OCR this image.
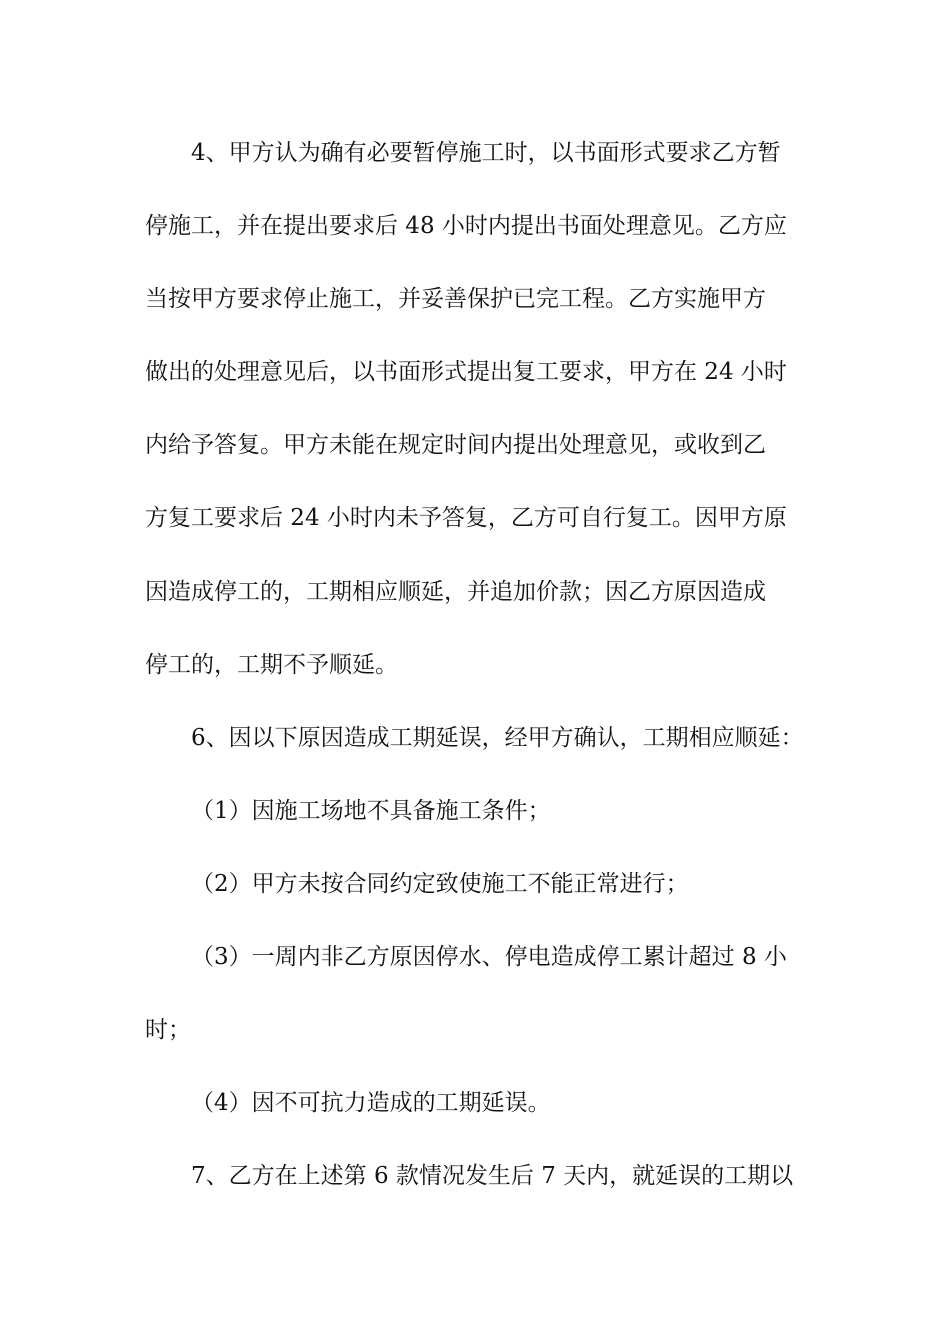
4、甲方认为确有必要暂停施工时，以书面形式要求乙方暂
停施工，并在提出要求后 48 小时内提出书面处理意见。乙方应
当按甲方要求停止施工，并妥善保护已完工程。乙方实施甲方
做出的处理意见后，以书面形式提出复工要求，甲方在 24 小时
内给予答复。甲方未能在规定时间内提出处理意见，或收到乙
方复工要求后 24 小时内未予答复，乙方可自行复工。因甲方原
因造成停工的，工期相应顺延，并追加价款；因乙方原因造成
停工的，工期不予顺延。
6、因以下原因造成工期延误，经甲方确认，工期相应顺延：
（1）因施工场地不具备施工条件；
（2）甲方未按合同约定致使施工不能正常进行；
（3）一周内非乙方原因停水、停电造成停工累计超过 8 小
时；
（4）因不可抗力造成的工期延误。
7、乙方在上述第 6 款情况发生后 7 天内，就延误的工期以
